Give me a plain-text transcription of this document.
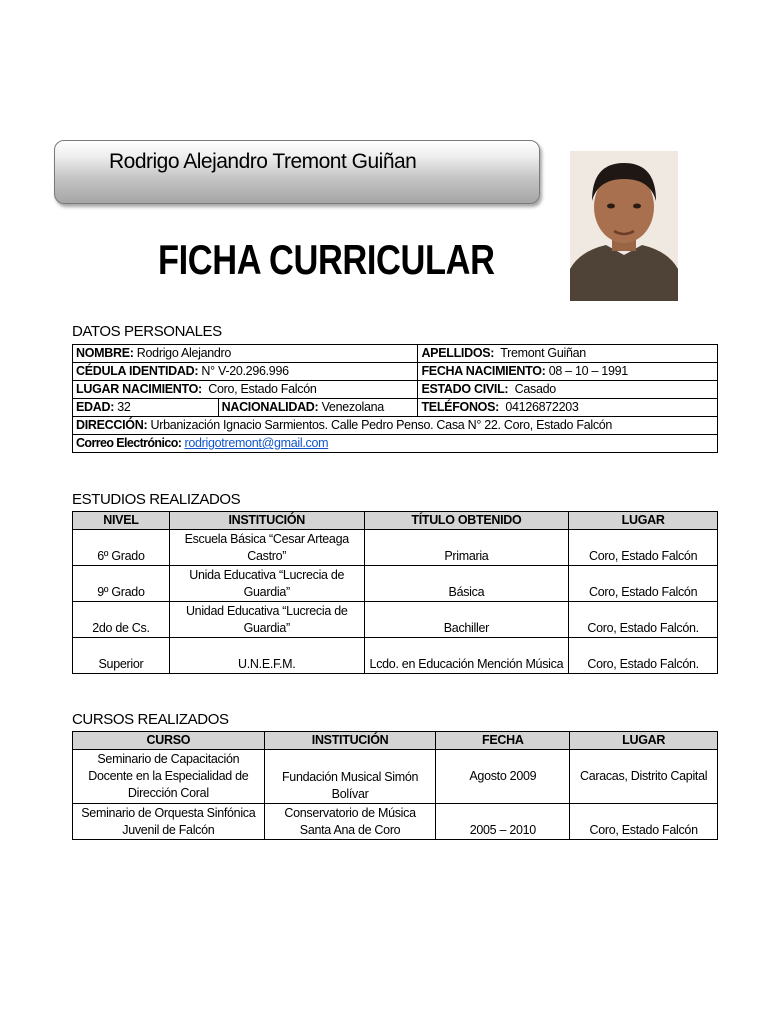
Rodrigo Alejandro Tremont Guiñan
FICHA CURRICULAR
DATOS PERSONALES
NOMBRE: Rodrigo Alejandro		APELLIDOS:  Tremont Guiñan
CÉDULA IDENTIDAD: N° V-20.296.996		FECHA NACIMIENTO: 08 – 10 – 1991
LUGAR NACIMIENTO:  Coro, Estado Falcón		ESTADO CIVIL:  Casado
EDAD: 32	NACIONALIDAD: Venezolana	TELÉFONOS:  04126872203
DIRECCIÓN: Urbanización Ignacio Sarmientos. Calle Pedro Penso. Casa N° 22. Coro, Estado Falcón		
Correo Electrónico: rodrigotremont@gmail.com		
ESTUDIOS REALIZADOS
NIVEL	INSTITUCIÓN	TÍTULO OBTENIDO	LUGAR
6º Grado	Escuela Básica “Cesar Arteaga Castro”	Primaria	Coro, Estado Falcón
9º Grado	Unida Educativa “Lucrecia de Guardia”	Básica	Coro, Estado Falcón
2do de Cs.	Unidad Educativa “Lucrecia de Guardia”	Bachiller	Coro, Estado Falcón.
Superior	U.N.E.F.M.	Lcdo. en Educación Mención Música	Coro, Estado Falcón.
CURSOS REALIZADOS
CURSO	INSTITUCIÓN	FECHA	LUGAR
Seminario de Capacitación Docente en la Especialidad de Dirección Coral	Fundación Musical Simón Bolívar	Agosto 2009	Caracas, Distrito Capital
Seminario de Orquesta Sinfónica Juvenil de Falcón	Conservatorio de Música Santa Ana de Coro	2005 – 2010	Coro, Estado Falcón
